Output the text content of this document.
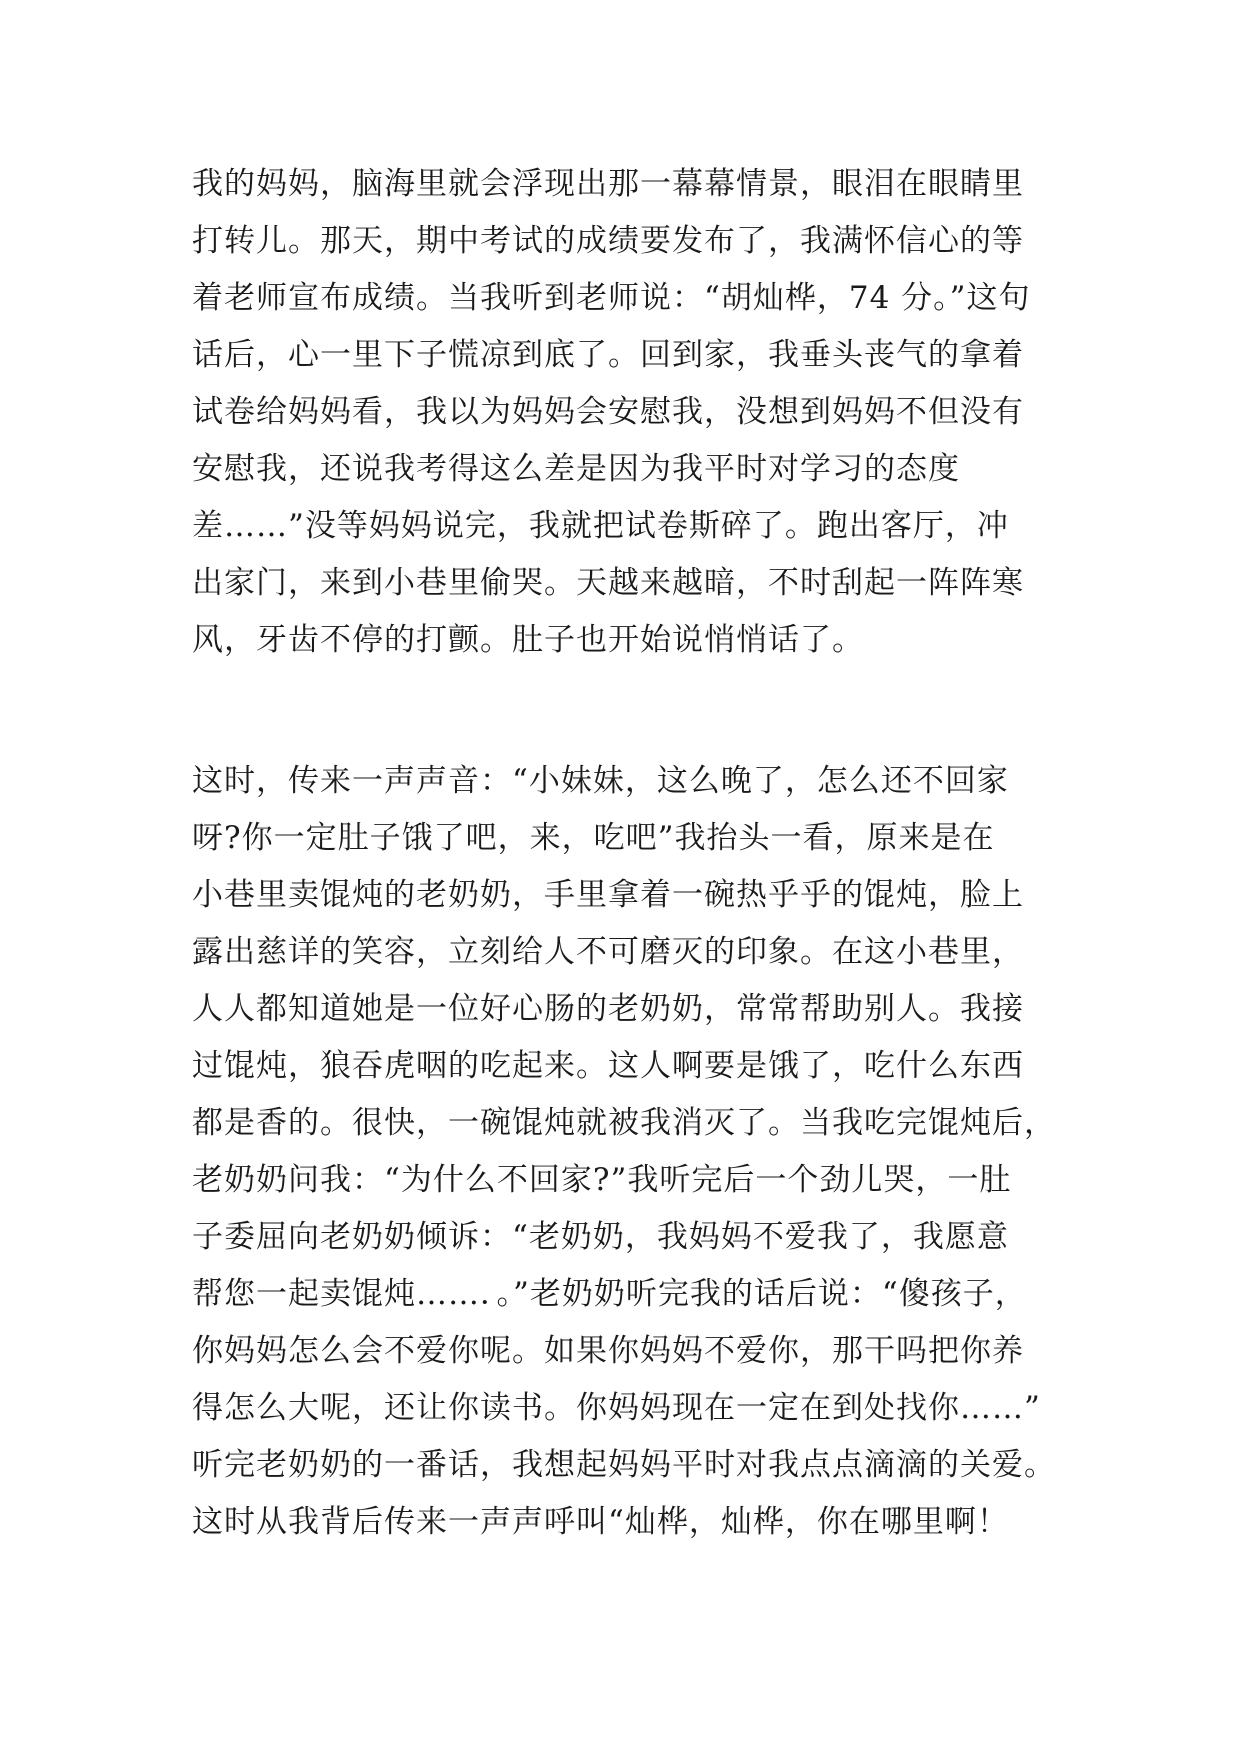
我的妈妈，脑海里就会浮现出那一幕幕情景，眼泪在眼睛里
打转儿。那天，期中考试的成绩要发布了，我满怀信心的等
着老师宣布成绩。当我听到老师说：“胡灿桦，74 分。”这句
话后，心一里下子慌凉到底了。回到家，我垂头丧气的拿着
试卷给妈妈看，我以为妈妈会安慰我，没想到妈妈不但没有
安慰我，还说我考得这么差是因为我平时对学习的态度
差……”没等妈妈说完，我就把试卷斯碎了。跑出客厅，冲
出家门，来到小巷里偷哭。天越来越暗，不时刮起一阵阵寒
风，牙齿不停的打颤。肚子也开始说悄悄话了。
这时，传来一声声音：“小妹妹，这么晚了，怎么还不回家
呀?你一定肚子饿了吧，来，吃吧”我抬头一看，原来是在
小巷里卖馄炖的老奶奶，手里拿着一碗热乎乎的馄炖，脸上
露出慈详的笑容，立刻给人不可磨灭的印象。在这小巷里，
人人都知道她是一位好心肠的老奶奶，常常帮助别人。我接
过馄炖，狼吞虎咽的吃起来。这人啊要是饿了，吃什么东西
都是香的。很快，一碗馄炖就被我消灭了。当我吃完馄炖后，
老奶奶问我：“为什么不回家?”我听完后一个劲儿哭，一肚
子委屈向老奶奶倾诉：“老奶奶，我妈妈不爱我了，我愿意
帮您一起卖馄炖……．。”老奶奶听完我的话后说：“傻孩子，
你妈妈怎么会不爱你呢。如果你妈妈不爱你，那干吗把你养
得怎么大呢，还让你读书。你妈妈现在一定在到处找你……”
听完老奶奶的一番话，我想起妈妈平时对我点点滴滴的关爱。
这时从我背后传来一声声呼叫“灿桦，灿桦，你在哪里啊！
